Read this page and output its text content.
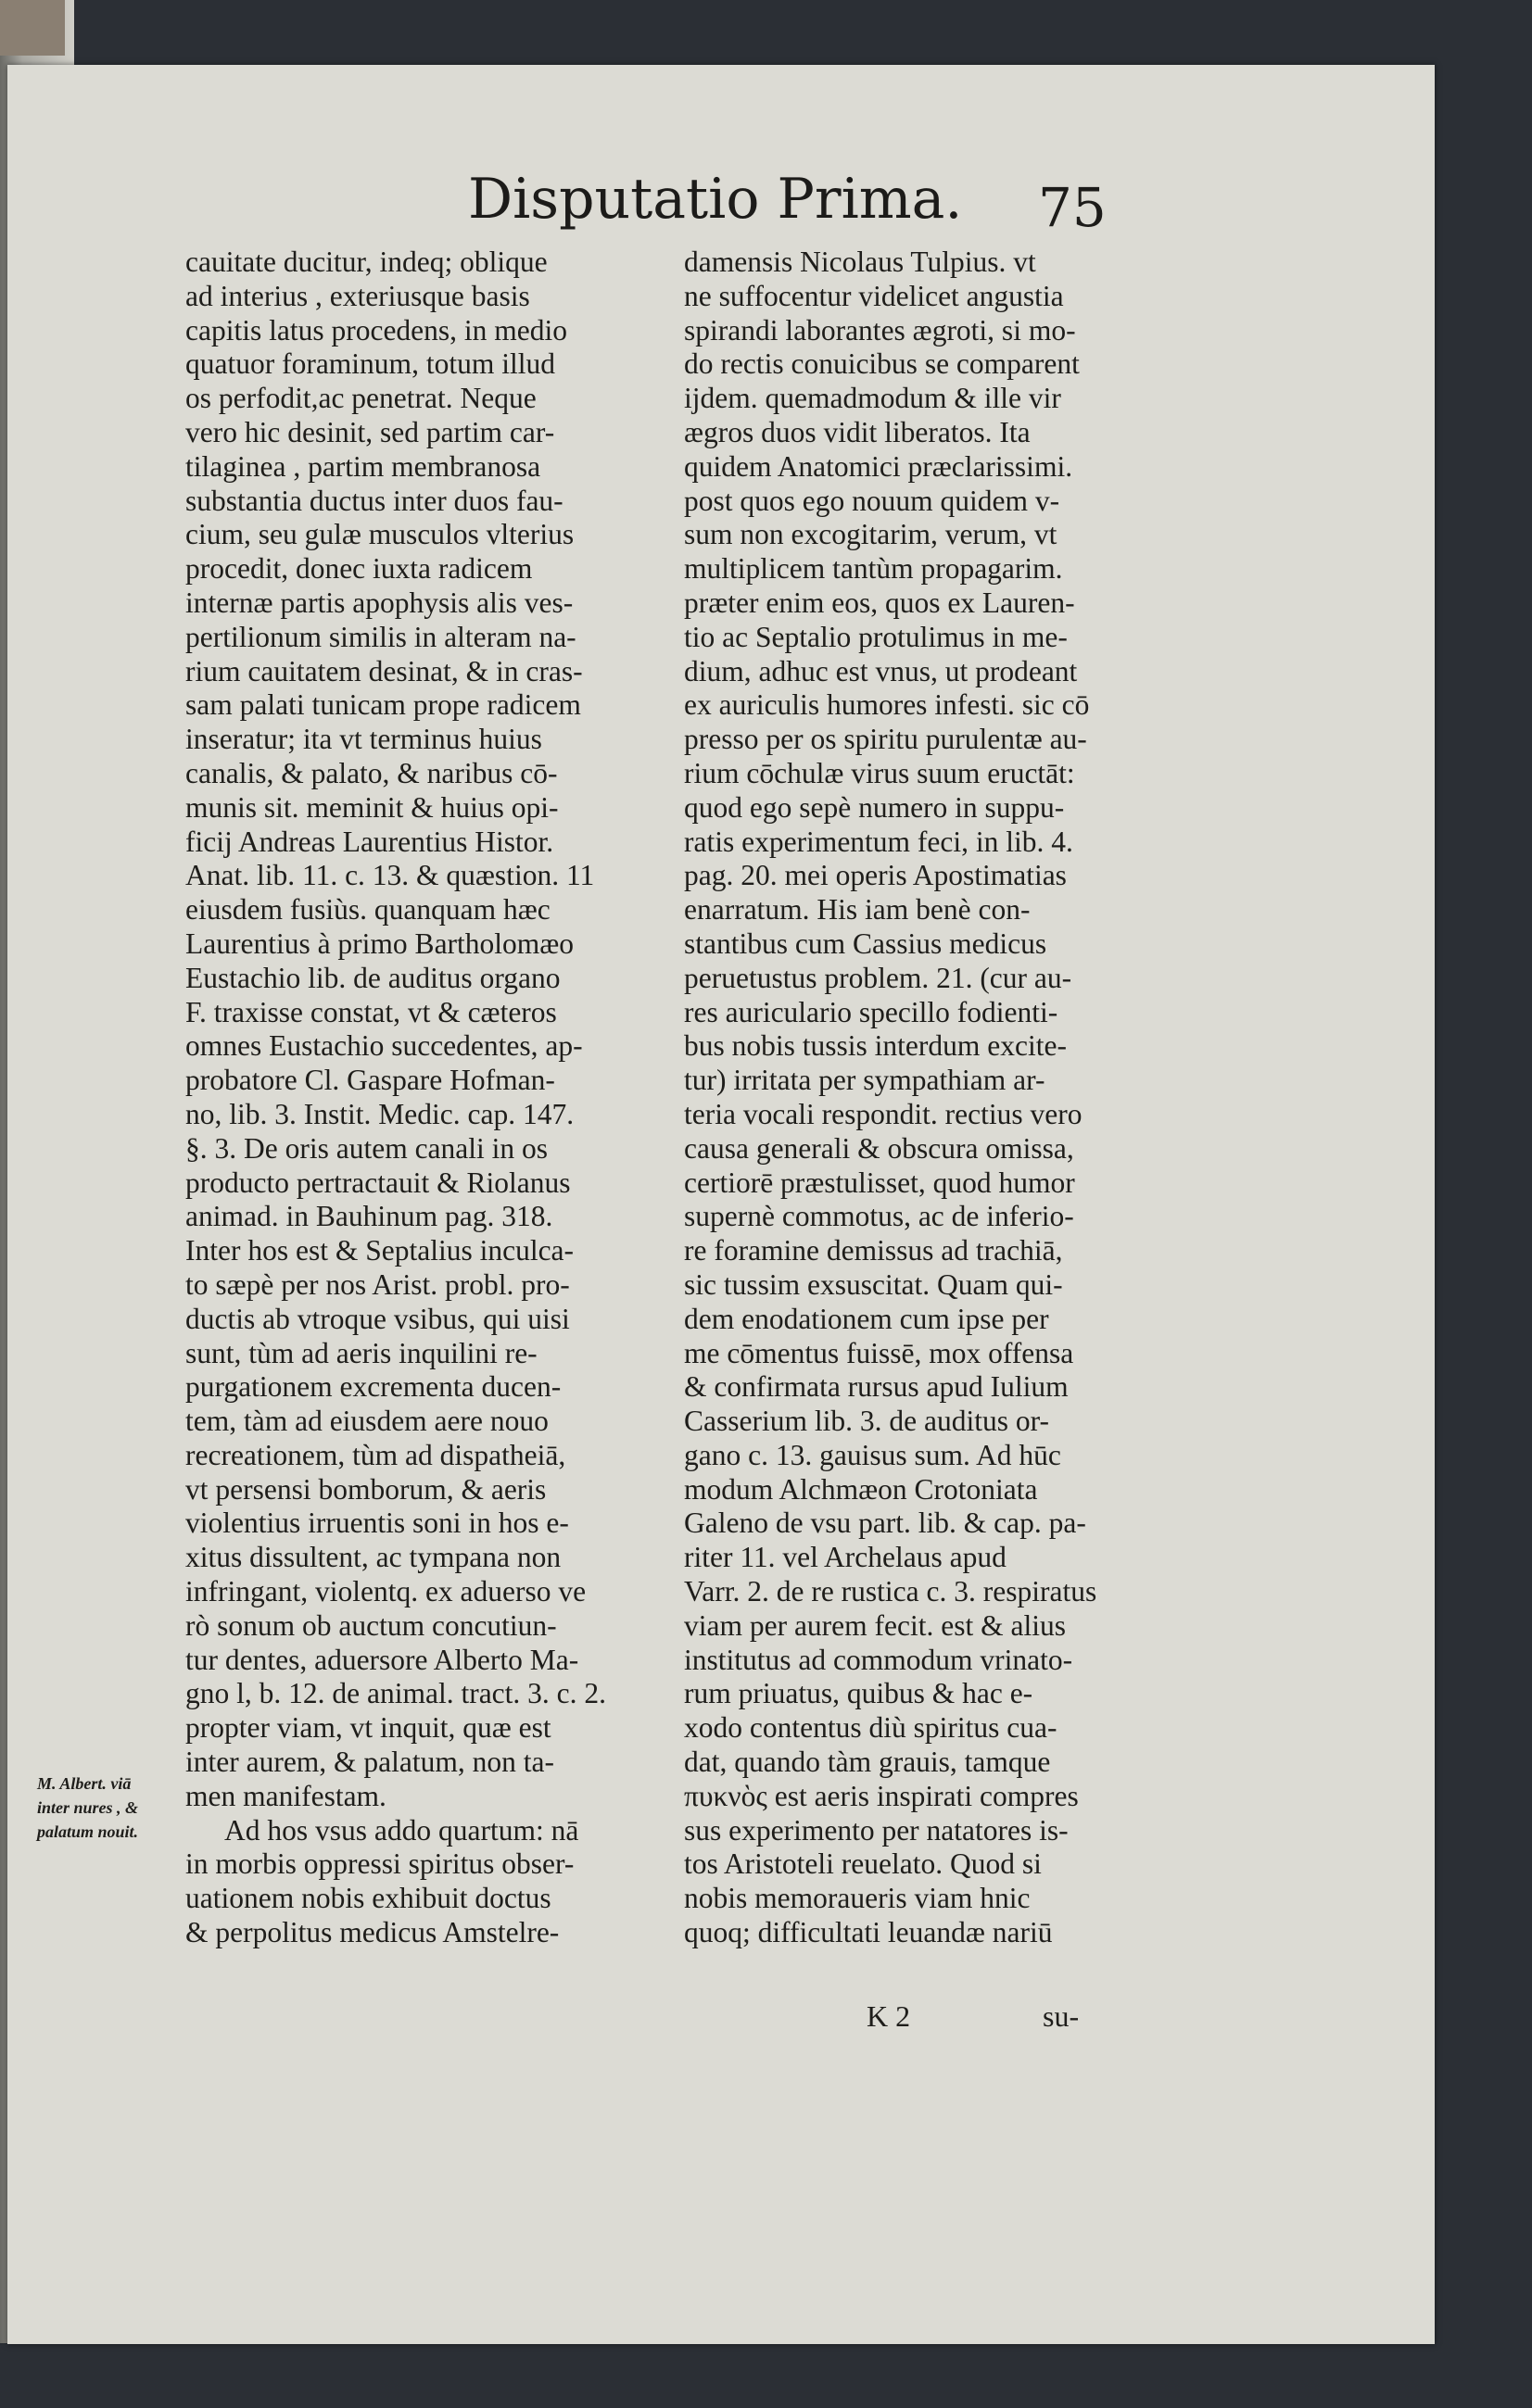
Disputatio Prima.	75
cauitate ducitur, indeq; oblique
ad interius , exteriusque basis
capitis latus procedens, in medio
quatuor foraminum, totum illud
os perfodit,ac penetrat. Neque
vero hic desinit, sed partim car-
tilaginea , partim membranosa
substantia ductus inter duos fau-
cium, seu gulæ musculos vlterius
procedit, donec iuxta radicem
internæ partis apophysis alis ves-
pertilionum similis in alteram na-
rium cauitatem desinat, & in cras-
sam palati tunicam prope radicem
inseratur; ita vt terminus huius
canalis, & palato, & naribus cō-
munis sit. meminit & huius opi-
ficij Andreas Laurentius Histor.
Anat. lib. 11. c. 13. & quæstion. 11
eiusdem fusiùs. quanquam hæc
Laurentius à primo Bartholomæo
Eustachio lib. de auditus organo
F. traxisse constat, vt & cæteros
omnes Eustachio succedentes, ap-
probatore Cl. Gaspare Hofman-
no, lib. 3. Instit. Medic. cap. 147.
§. 3. De oris autem canali in os
producto pertractauit & Riolanus
animad. in Bauhinum pag. 318.
Inter hos est & Septalius inculca-
to sæpè per nos Arist. probl. pro-
ductis ab vtroque vsibus, qui uisi
sunt, tùm ad aeris inquilini re-
purgationem excrementa ducen-
tem, tàm ad eiusdem aere nouo
recreationem, tùm ad dispatheiā,
vt persensi bomborum, & aeris
violentius irruentis soni in hos e-
xitus dissultent, ac tympana non
infringant, violentq. ex aduerso ve
rò sonum ob auctum concutiun-
tur dentes, aduersore Alberto Ma-
gno l, b. 12. de animal. tract. 3. c. 2.
propter viam, vt inquit, quæ est
inter aurem, & palatum, non ta-
men manifestam.
Ad hos vsus addo quartum: nā
in morbis oppressi spiritus obser-
uationem nobis exhibuit doctus
& perpolitus medicus Amstelre-
damensis Nicolaus Tulpius. vt
ne suffocentur videlicet angustia
spirandi laborantes ægroti, si mo-
do rectis conuicibus se comparent
ijdem. quemadmodum & ille vir
ægros duos vidit liberatos. Ita
quidem Anatomici præclarissimi.
post quos ego nouum quidem v-
sum non excogitarim, verum, vt
multiplicem tantùm propagarim.
præter enim eos, quos ex Lauren-
tio ac Septalio protulimus in me-
dium, adhuc est vnus, ut prodeant
ex auriculis humores infesti. sic cō
presso per os spiritu purulentæ au-
rium cōchulæ virus suum eructāt:
quod ego sepè numero in suppu-
ratis experimentum feci, in lib. 4.
pag. 20. mei operis Apostimatias
enarratum. His iam benè con-
stantibus cum Cassius medicus
peruetustus problem. 21. (cur au-
res auriculario specillo fodienti-
bus nobis tussis interdum excite-
tur) irritata per sympathiam ar-
teria vocali respondit. rectius vero
causa generali & obscura omissa,
certiorē præstulisset, quod humor
supernè commotus, ac de inferio-
re foramine demissus ad trachiā,
sic tussim exsuscitat. Quam qui-
dem enodationem cum ipse per
me cōmentus fuissē, mox offensa
& confirmata rursus apud Iulium
Casserium lib. 3. de auditus or-
gano c. 13. gauisus sum. Ad hūc
modum Alchmæon Crotoniata
Galeno de vsu part. lib. & cap. pa-
riter 11. vel Archelaus apud
Varr. 2. de re rustica c. 3. respiratus
viam per aurem fecit. est & alius
institutus ad commodum vrinato-
rum priuatus, quibus & hac e-
xodo contentus diù spiritus cua-
dat, quando tàm grauis, tamque
πυκνὸς est aeris inspirati compres
sus experimento per natatores is-
tos Aristoteli reuelato. Quod si
nobis memoraueris viam hnic
quoq; difficultati leuandæ nariū
M. Albert. viā
inter nures , &
palatum nouit.
K 2	su-
